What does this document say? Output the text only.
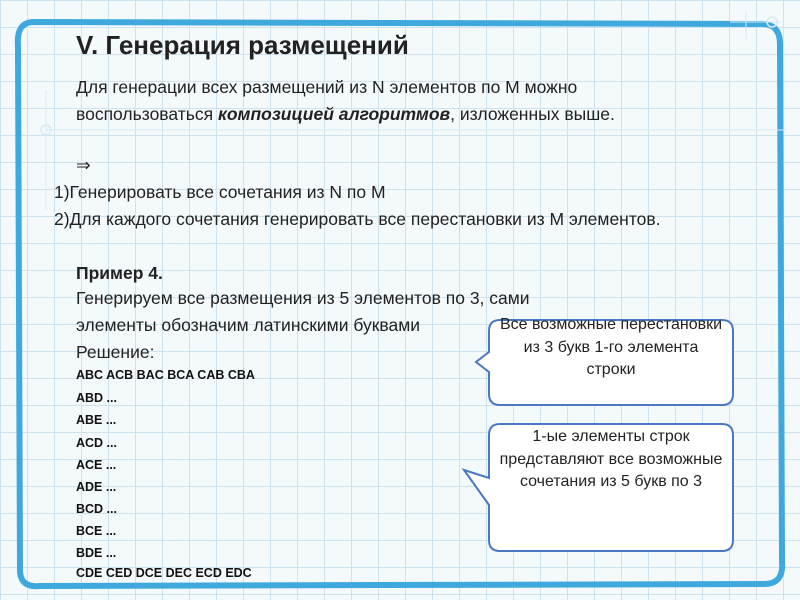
V. Генерация размещений
Для генерации всех размещений из N элементов по M можно воспользоваться композицией алгоритмов, изложенных выше.
⇒
1)Генерировать все сочетания из N по M
2)Для каждого сочетания генерировать все перестановки из M элементов.
Пример 4.
Генерируем все размещения из 5 элементов по 3, сами элементы обозначим латинскими буквами
Решение:
ABC ACB BAC BCA CAB CBA
ABD ...
ABE ...
ACD ...
ACE ...
ADE ...
BCD ...
BCE ...
BDE ...
CDE CED DCE DEC ECD EDC
Все возможные перестановки из 3 букв 1-го элемента строки
1-ые элементы строк представляют все возможные сочетания из 5 букв по 3
